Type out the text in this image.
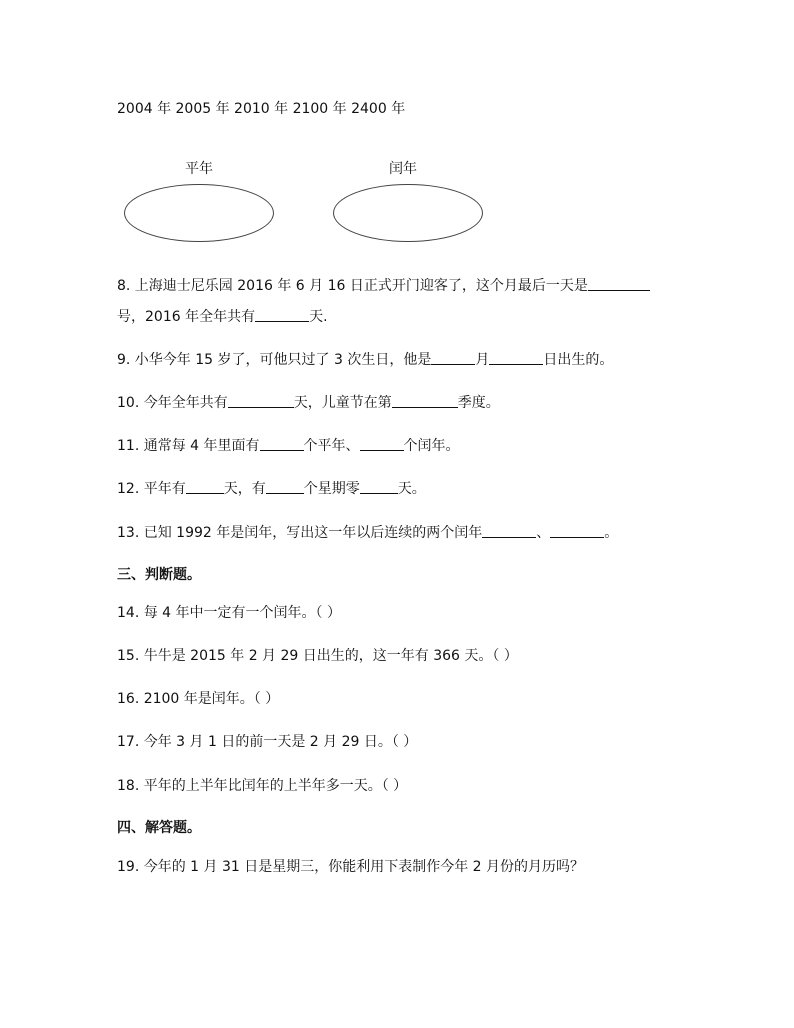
2004 年 2005 年 2010 年 2100 年 2400 年
平年	闰年
8. 上海迪士尼乐园 2016 年 6 月 16 日正式开门迎客了，这个月最后一天是
号，2016 年全年共有	天.
9. 小华今年 15 岁了，可他只过了 3 次生日，他是	月	日出生的。
10. 今年全年共有	天，儿童节在第	季度。
11. 通常每 4 年里面有	个平年、	个闰年。
12. 平年有	天，有	个星期零	天。
13. 已知 1992 年是闰年，写出这一年以后连续的两个闰年	、	。
三、判断题。
14. 每 4 年中一定有一个闰年。（ ）
15. 牛牛是 2015 年 2 月 29 日出生的，这一年有 366 天。（ ）
16. 2100 年是闰年。（ ）
17. 今年 3 月 1 日的前一天是 2 月 29 日。（ ）
18. 平年的上半年比闰年的上半年多一天。（ ）
四、解答题。
19. 今年的 1 月 31 日是星期三，你能利用下表制作今年 2 月份的月历吗？
